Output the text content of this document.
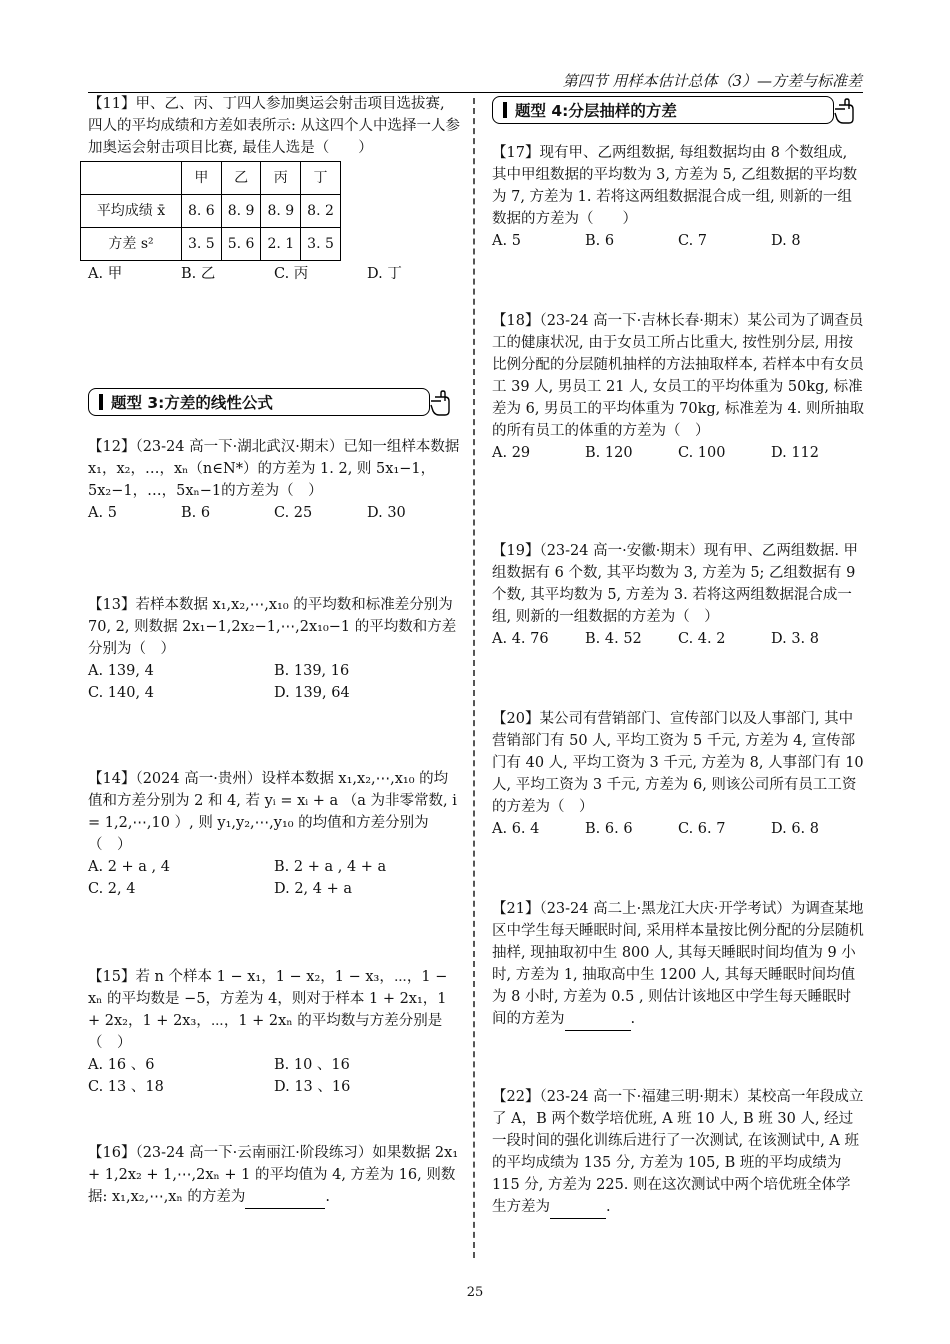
第四节 用样本估计总体（3）—方差与标准差

【11】甲、乙、丙、丁四人参加奥运会射击项目选拔赛, 四人的平均成绩和方差如表所示: 从这四个人中选择一人参加奥运会射击项目比赛, 最佳人选是（　　）

	甲	乙	丙	丁
平均成绩 x̄	8. 6	8. 9	8. 9	8. 2
方差 s²	3. 5	5. 6	2. 1	3. 5
A. 甲	B. 乙	C. 丙	D. 丁
题型 3:方差的线性公式

【12】（23-24 高一下·湖北武汉·期末）已知一组样本数据 x₁，x₂，…，xₙ（n∈N*）的方差为 1. 2, 则 5x₁−1，5x₂−1，…，5xₙ−1的方差为（　）

A. 5	B. 6	C. 25	D. 30

【13】若样本数据 x₁,x₂,⋯,x₁₀ 的平均数和标准差分别为 70, 2, 则数据 2x₁−1,2x₂−1,⋯,2x₁₀−1 的平均数和方差分别为（　）

A. 139, 4	B. 139, 16
C. 140, 4	D. 139, 64

【14】（2024 高一·贵州）设样本数据 x₁,x₂,⋯,x₁₀ 的均值和方差分别为 2 和 4, 若 yᵢ = xᵢ + a （a 为非零常数, i = 1,2,⋯,10 ）, 则 y₁,y₂,⋯,y₁₀ 的均值和方差分别为（　）

A. 2 + a , 4	B. 2 + a , 4 + a
C. 2, 4	D. 2, 4 + a

【15】若 n 个样本 1 − x₁，1 − x₂，1 − x₃，⋯，1 − xₙ 的平均数是 −5，方差为 4，则对于样本 1 + 2x₁，1 + 2x₂，1 + 2x₃，⋯，1 + 2xₙ 的平均数与方差分别是（　）

A. 16 、6	B. 10 、16
C. 13 、18	D. 13 、16

【16】（23-24 高一下·云南丽江·阶段练习）如果数据 2x₁ + 1,2x₂ + 1,⋯,2xₙ + 1 的平均值为 4, 方差为 16, 则数据: x₁,x₂,⋯,xₙ 的方差为	.

题型 4:分层抽样的方差

【17】现有甲、乙两组数据, 每组数据均由 8 个数组成, 其中甲组数据的平均数为 3, 方差为 5, 乙组数据的平均数为 7, 方差为 1. 若将这两组数据混合成一组, 则新的一组数据的方差为（　　）

A. 5	B. 6	C. 7	D. 8

【18】（23-24 高一下·吉林长春·期末）某公司为了调查员工的健康状况, 由于女员工所占比重大, 按性别分层, 用按比例分配的分层随机抽样的方法抽取样本, 若样本中有女员工 39 人, 男员工 21 人, 女员工的平均体重为 50kg, 标准差为 6, 男员工的平均体重为 70kg, 标准差为 4. 则所抽取的所有员工的体重的方差为（　）

A. 29	B. 120	C. 100	D. 112

【19】（23-24 高一·安徽·期末）现有甲、乙两组数据. 甲组数据有 6 个数, 其平均数为 3, 方差为 5; 乙组数据有 9 个数, 其平均数为 5, 方差为 3. 若将这两组数据混合成一组, 则新的一组数据的方差为（　）

A. 4. 76	B. 4. 52	C. 4. 2	D. 3. 8

【20】某公司有营销部门、宣传部门以及人事部门, 其中营销部门有 50 人, 平均工资为 5 千元, 方差为 4, 宣传部门有 40 人, 平均工资为 3 千元, 方差为 8, 人事部门有 10 人, 平均工资为 3 千元, 方差为 6, 则该公司所有员工工资的方差为（　）

A. 6. 4	B. 6. 6	C. 6. 7	D. 6. 8

【21】（23-24 高二上·黑龙江大庆·开学考试）为调查某地区中学生每天睡眠时间, 采用样本量按比例分配的分层随机抽样, 现抽取初中生 800 人, 其每天睡眠时间均值为 9 小时, 方差为 1, 抽取高中生 1200 人, 其每天睡眠时间均值为 8 小时, 方差为 0.5 , 则估计该地区中学生每天睡眠时间的方差为	.

【22】（23-24 高一下·福建三明·期末）某校高一年段成立了 A，B 两个数学培优班, A 班 10 人, B 班 30 人, 经过一段时间的强化训练后进行了一次测试, 在该测试中, A 班的平均成绩为 135 分, 方差为 105, B 班的平均成绩为 115 分, 方差为 225. 则在这次测试中两个培优班全体学生方差为	.

25
